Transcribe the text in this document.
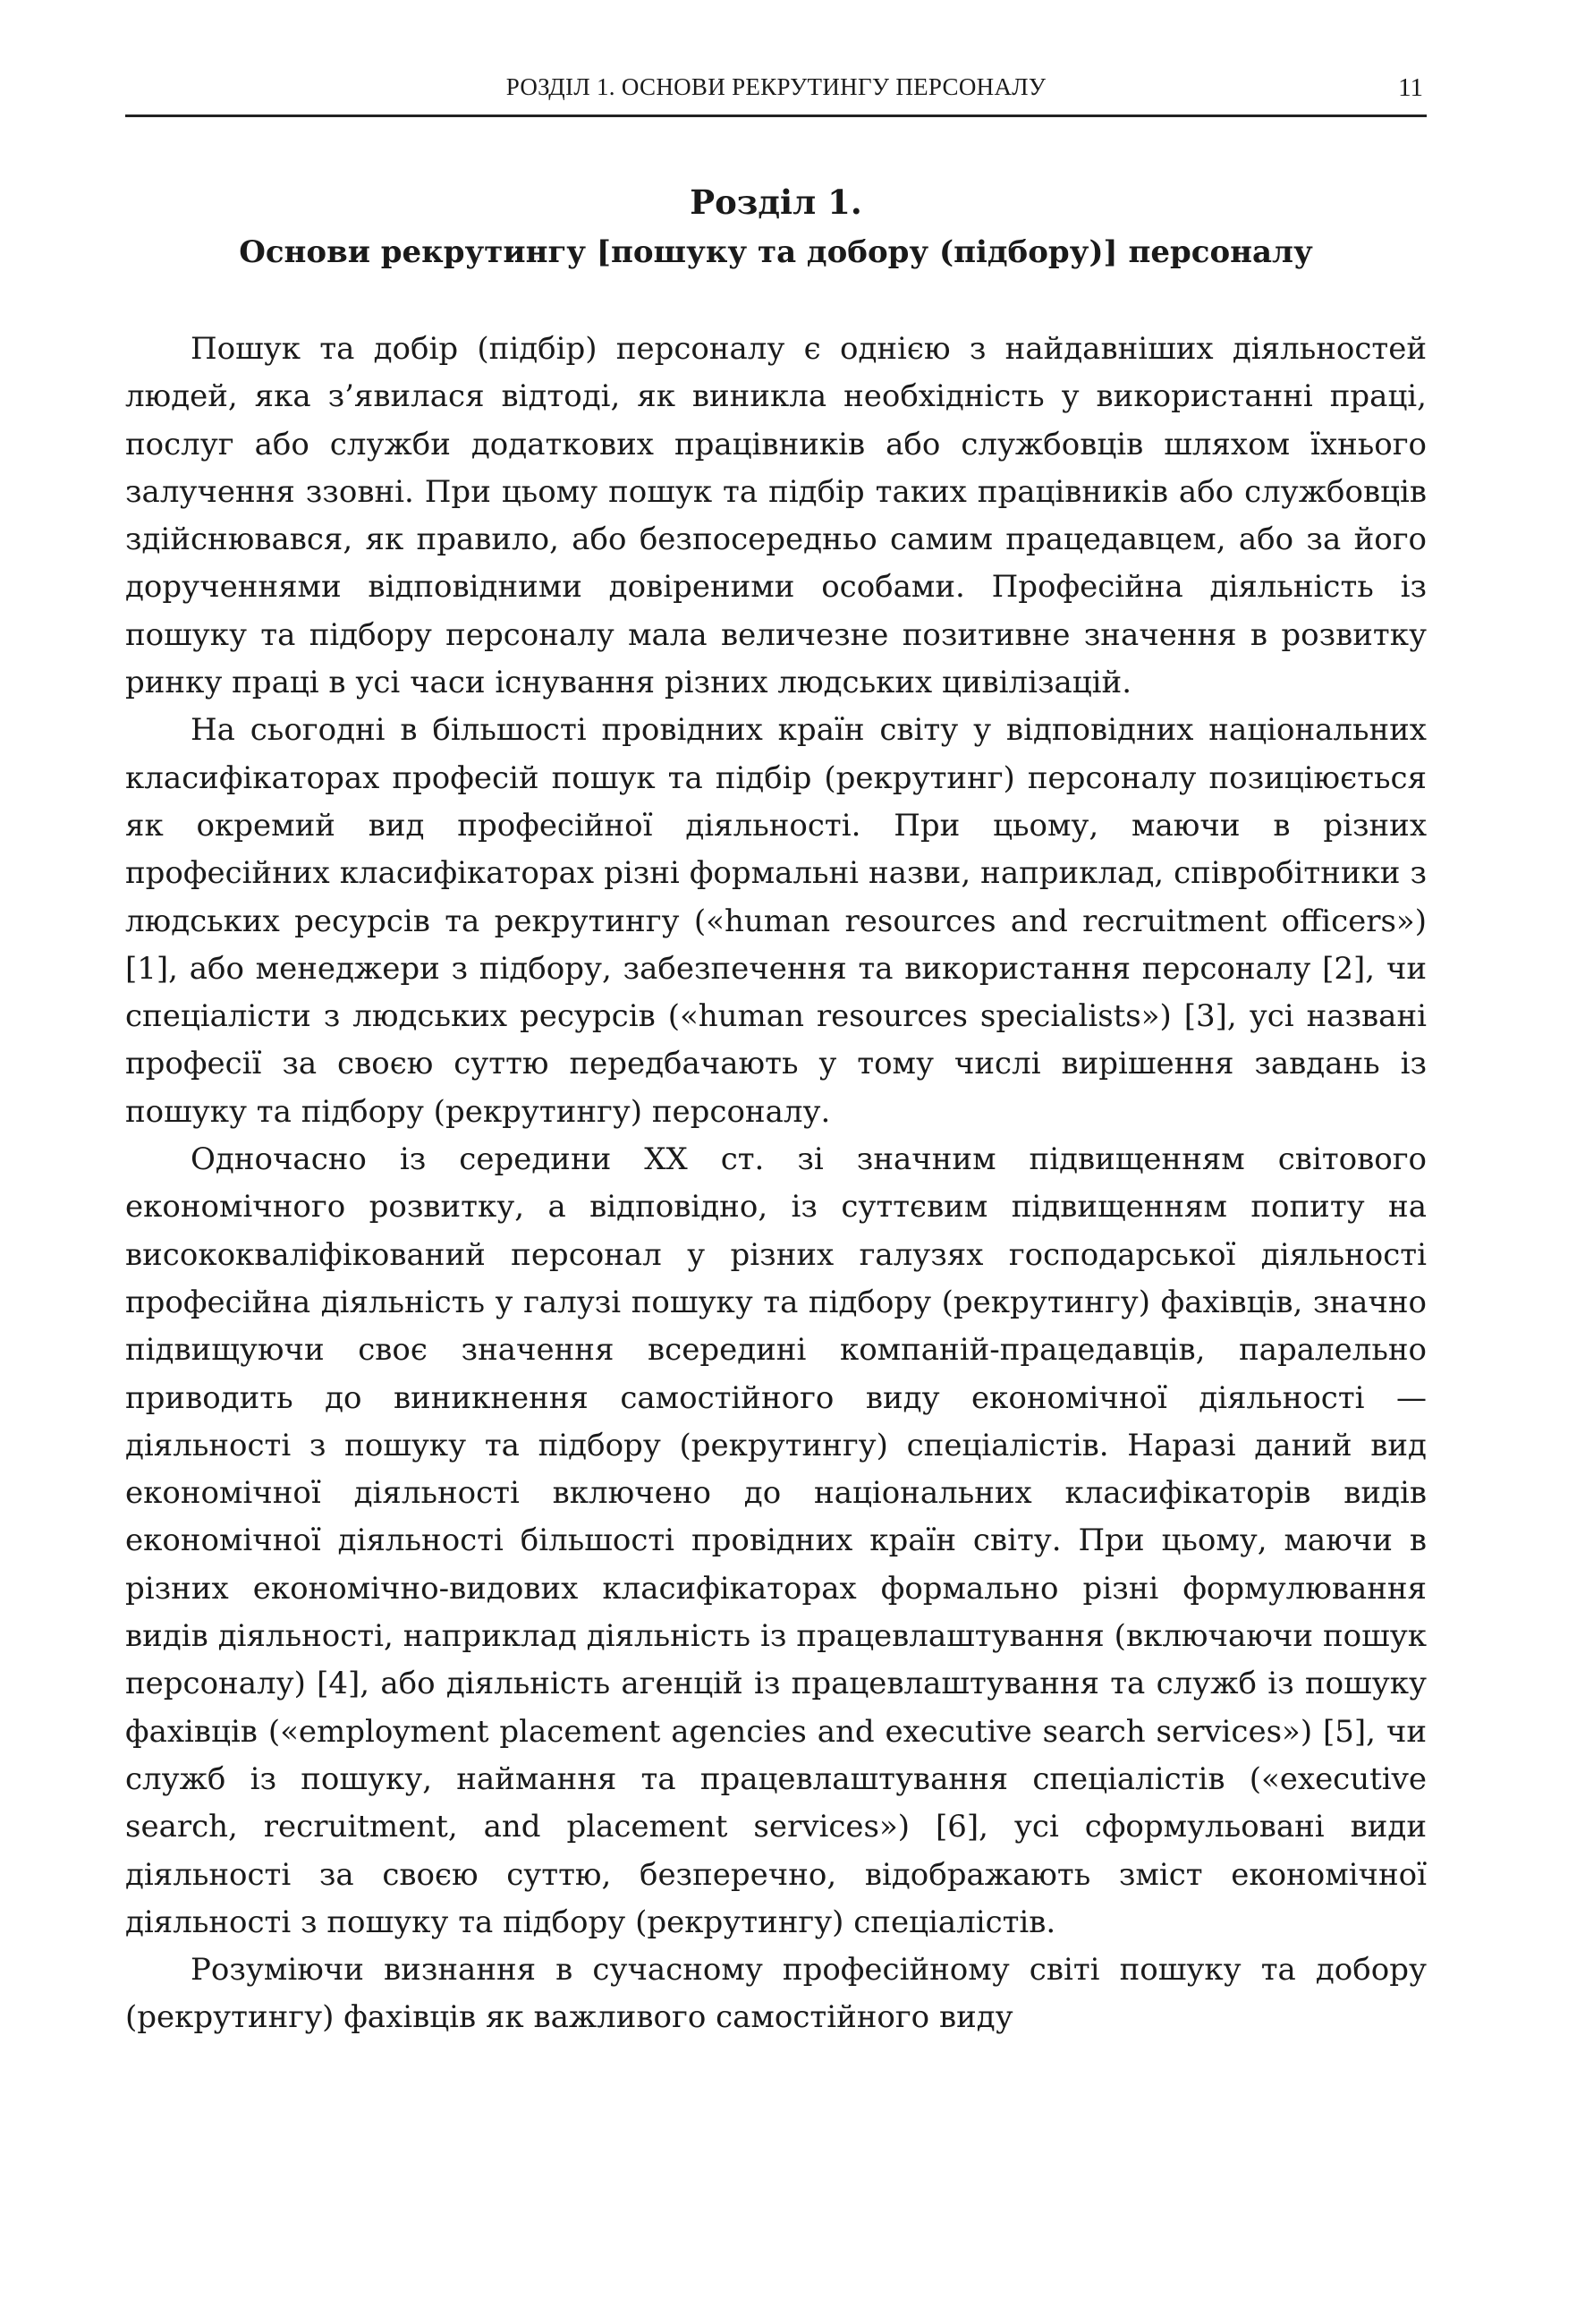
РОЗДІЛ 1. ОСНОВИ РЕКРУТИНГУ ПЕРСОНАЛУ	11
Розділ 1.
Основи рекрутингу [пошуку та добору (підбору)] персоналу

Пошук та добір (підбір) персоналу є однією з найдавніших діяльностей людей, яка з’явилася відтоді, як виникла необхідність у використанні праці, послуг або служби додаткових працівників або службовців шляхом їхнього залучення ззовні. При цьому пошук та підбір таких працівників або службовців здійснювався, як правило, або безпосередньо самим працедавцем, або за його дорученнями відповідними довіреними особами. Професійна діяльність із пошуку та підбору персоналу мала величезне позитивне значення в розвитку ринку праці в усі часи існування різних людських цивілізацій.

На сьогодні в більшості провідних країн світу у відповідних національних класифікаторах професій пошук та підбір (рекрутинг) персоналу позиціюється як окремий вид професійної діяльності. При цьому, маючи в різних професійних класифікаторах різні формальні назви, наприклад, співробітники з людських ресурсів та рекрутингу («human resources and recruitment officers») [1], або менеджери з підбору, забезпечення та використання персоналу [2], чи спеціалісти з людських ресурсів («human resources specialists») [3], усі названі професії за своєю суттю передбачають у тому числі вирішення завдань із пошуку та підбору (рекрутингу) персоналу.

Одночасно із середини XX ст. зі значним підвищенням світового економічного розвитку, а відповідно, із суттєвим підвищенням попиту на висококваліфікований персонал у різних галузях господарської діяльності професійна діяльність у галузі пошуку та підбору (рекрутингу) фахівців, значно підвищуючи своє значення всередині компаній-працедавців, паралельно приводить до виникнення самостійного виду економічної діяльності — діяльності з пошуку та підбору (рекрутингу) спеціалістів. Наразі даний вид економічної діяльності включено до національних класифікаторів видів економічної діяльності більшості провідних країн світу. При цьому, маючи в різних економічно-видових класифікаторах формально різні формулювання видів діяльності, наприклад діяльність із працевлаштування (включаючи пошук персоналу) [4], або діяльність агенцій із працевлаштування та служб із пошуку фахівців («employment placement agencies and executive search services») [5], чи служб із пошуку, наймання та працевлаштування спеціалістів («executive search, recruitment, and placement services») [6], усі сформульовані види діяльності за своєю суттю, безперечно, відображають зміст економічної діяльності з пошуку та підбору (рекрутингу) спеціалістів.

Розуміючи визнання в сучасному професійному світі пошуку та добору (рекрутингу) фахівців як важливого самостійного виду
